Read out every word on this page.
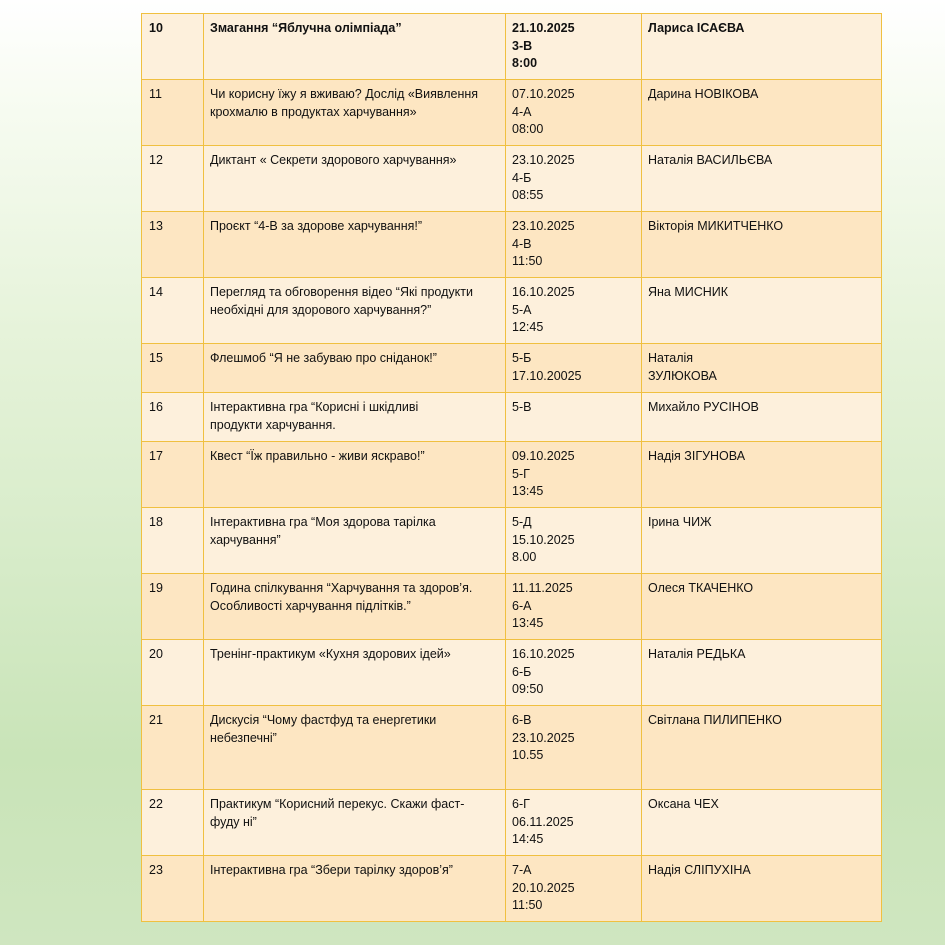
10	Змагання “Яблучна олімпіада”	21.10.2025
3-В
8:00	Лариса ІСАЄВА

11	Чи корисну їжу я вживаю? Дослід «Виявлення
крохмалю в продуктах харчування»	07.10.2025
4-А
08:00	Дарина НОВІКОВА

12	Диктант « Секрети здорового харчування»	23.10.2025
4-Б
08:55	Наталія ВАСИЛЬЄВА

13	Проєкт “4-В за здорове харчування!”	23.10.2025
4-В
11:50	Вікторія МИКИТЧЕНКО

14	Перегляд та обговорення відео “Які продукти
необхідні для здорового харчування?”	16.10.2025
5-А
12:45	Яна МИСНИК

15	Флешмоб “Я не забуваю про сніданок!”	5-Б
17.10.20025	Наталія
ЗУЛЮКОВА

16	Інтерактивна гра “Корисні і шкідливі
продукти харчування.	5-В	Михайло РУСІНОВ

17	Квест “Їж правильно - живи яскраво!”	09.10.2025
5-Г
13:45	Надія ЗІГУНОВА

18	Інтерактивна гра “Моя здорова тарілка
харчування”	5-Д
15.10.2025
8.00	Ірина ЧИЖ

19	Година спілкування “Харчування та здоров’я.
Особливості харчування підлітків.”	11.11.2025
6-А
13:45	Олеся ТКАЧЕНКО

20	Тренінг-практикум «Кухня здорових ідей»	16.10.2025
6-Б
09:50	Наталія РЕДЬКА

21	Дискусія “Чому фастфуд та енергетики
небезпечні”	6-В
23.10.2025
10.55	Світлана ПИЛИПЕНКО

22	Практикум “Корисний перекус. Скажи фаст-
фуду ні”	6-Г
06.11.2025
14:45	Оксана ЧЕХ

23	Інтерактивна гра “Збери тарілку здоров’я”	7-А
20.10.2025
11:50	Надія СЛІПУХІНА
